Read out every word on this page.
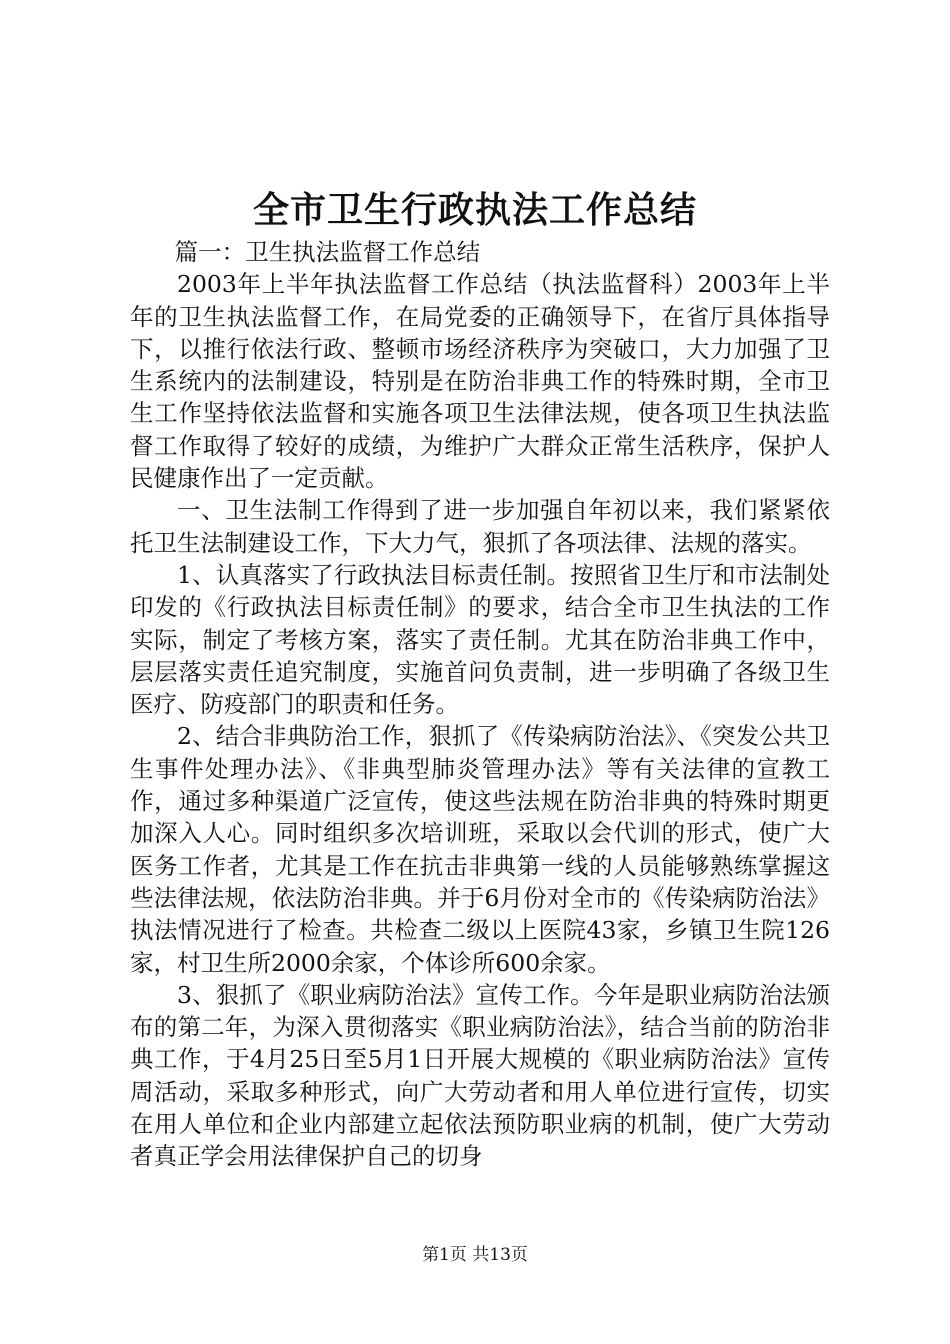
全市卫生行政执法工作总结

篇一：卫生执法监督工作总结

2003年上半年执法监督工作总结（执法监督科）2003年上半年的卫生执法监督工作，在局党委的正确领导下，在省厅具体指导下，以推行依法行政、整顿市场经济秩序为突破口，大力加强了卫生系统内的法制建设，特别是在防治非典工作的特殊时期，全市卫生工作坚持依法监督和实施各项卫生法律法规，使各项卫生执法监督工作取得了较好的成绩，为维护广大群众正常生活秩序，保护人民健康作出了一定贡献。

一、卫生法制工作得到了进一步加强自年初以来，我们紧紧依托卫生法制建设工作，下大力气，狠抓了各项法律、法规的落实。

1、认真落实了行政执法目标责任制。按照省卫生厅和市法制处印发的《行政执法目标责任制》的要求，结合全市卫生执法的工作实际，制定了考核方案，落实了责任制。尤其在防治非典工作中，层层落实责任追究制度，实施首问负责制，进一步明确了各级卫生医疗、防疫部门的职责和任务。

2、结合非典防治工作，狠抓了《传染病防治法》、《突发公共卫生事件处理办法》、《非典型肺炎管理办法》等有关法律的宣教工作，通过多种渠道广泛宣传，使这些法规在防治非典的特殊时期更加深入人心。同时组织多次培训班，采取以会代训的形式，使广大医务工作者，尤其是工作在抗击非典第一线的人员能够熟练掌握这些法律法规，依法防治非典。并于6月份对全市的《传染病防治法》执法情况进行了检查。共检查二级以上医院43家，乡镇卫生院126家，村卫生所2000余家，个体诊所600余家。

3、狠抓了《职业病防治法》宣传工作。今年是职业病防治法颁布的第二年，为深入贯彻落实《职业病防治法》，结合当前的防治非典工作，于4月25日至5月1日开展大规模的《职业病防治法》宣传周活动，采取多种形式，向广大劳动者和用人单位进行宣传，切实在用人单位和企业内部建立起依法预防职业病的机制，使广大劳动者真正学会用法律保护自己的切身

第1页 共13页
